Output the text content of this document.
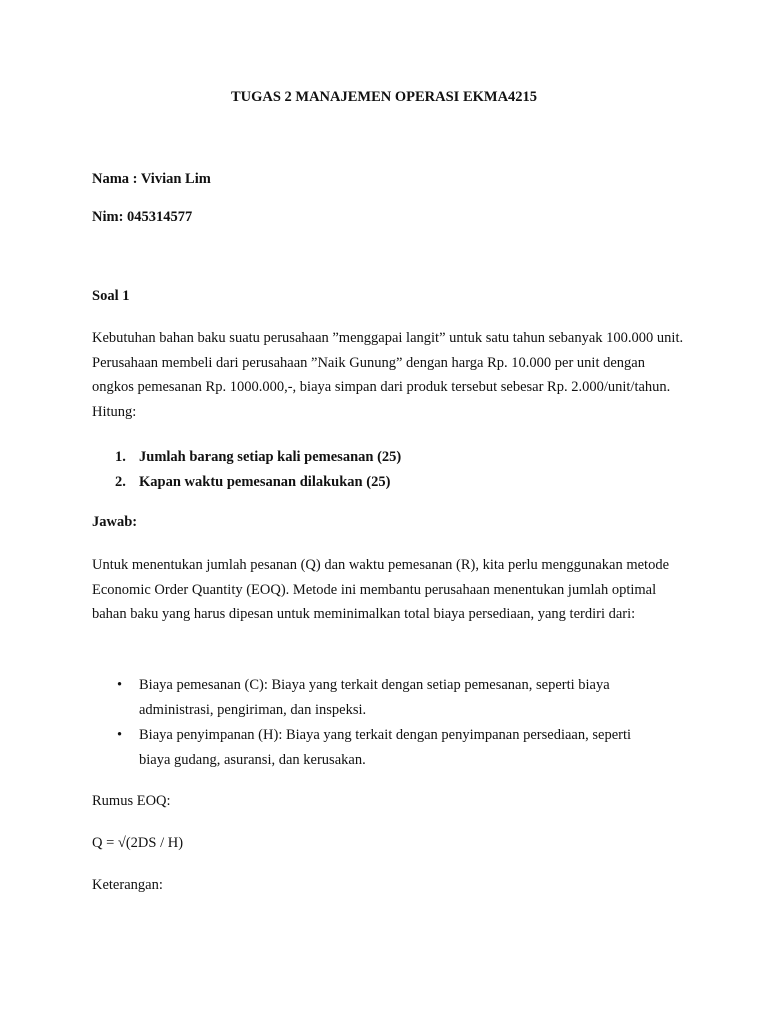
TUGAS 2 MANAJEMEN OPERASI EKMA4215

Nama : Vivian Lim

Nim: 045314577

Soal 1

Kebutuhan bahan baku suatu perusahaan ”menggapai langit” untuk satu tahun sebanyak 100.000 unit. Perusahaan membeli dari perusahaan ”Naik Gunung” dengan harga Rp. 10.000 per unit dengan ongkos pemesanan Rp. 1000.000,-, biaya simpan dari produk tersebut sebesar Rp. 2.000/unit/tahun. Hitung:

1. Jumlah barang setiap kali pemesanan (25)
2. Kapan waktu pemesanan dilakukan (25)

Jawab:

Untuk menentukan jumlah pesanan (Q) dan waktu pemesanan (R), kita perlu menggunakan metode Economic Order Quantity (EOQ). Metode ini membantu perusahaan menentukan jumlah optimal bahan baku yang harus dipesan untuk meminimalkan total biaya persediaan, yang terdiri dari:

• Biaya pemesanan (C): Biaya yang terkait dengan setiap pemesanan, seperti biaya administrasi, pengiriman, dan inspeksi.
• Biaya penyimpanan (H): Biaya yang terkait dengan penyimpanan persediaan, seperti biaya gudang, asuransi, dan kerusakan.

Rumus EOQ:

Q = √(2DS / H)

Keterangan:
